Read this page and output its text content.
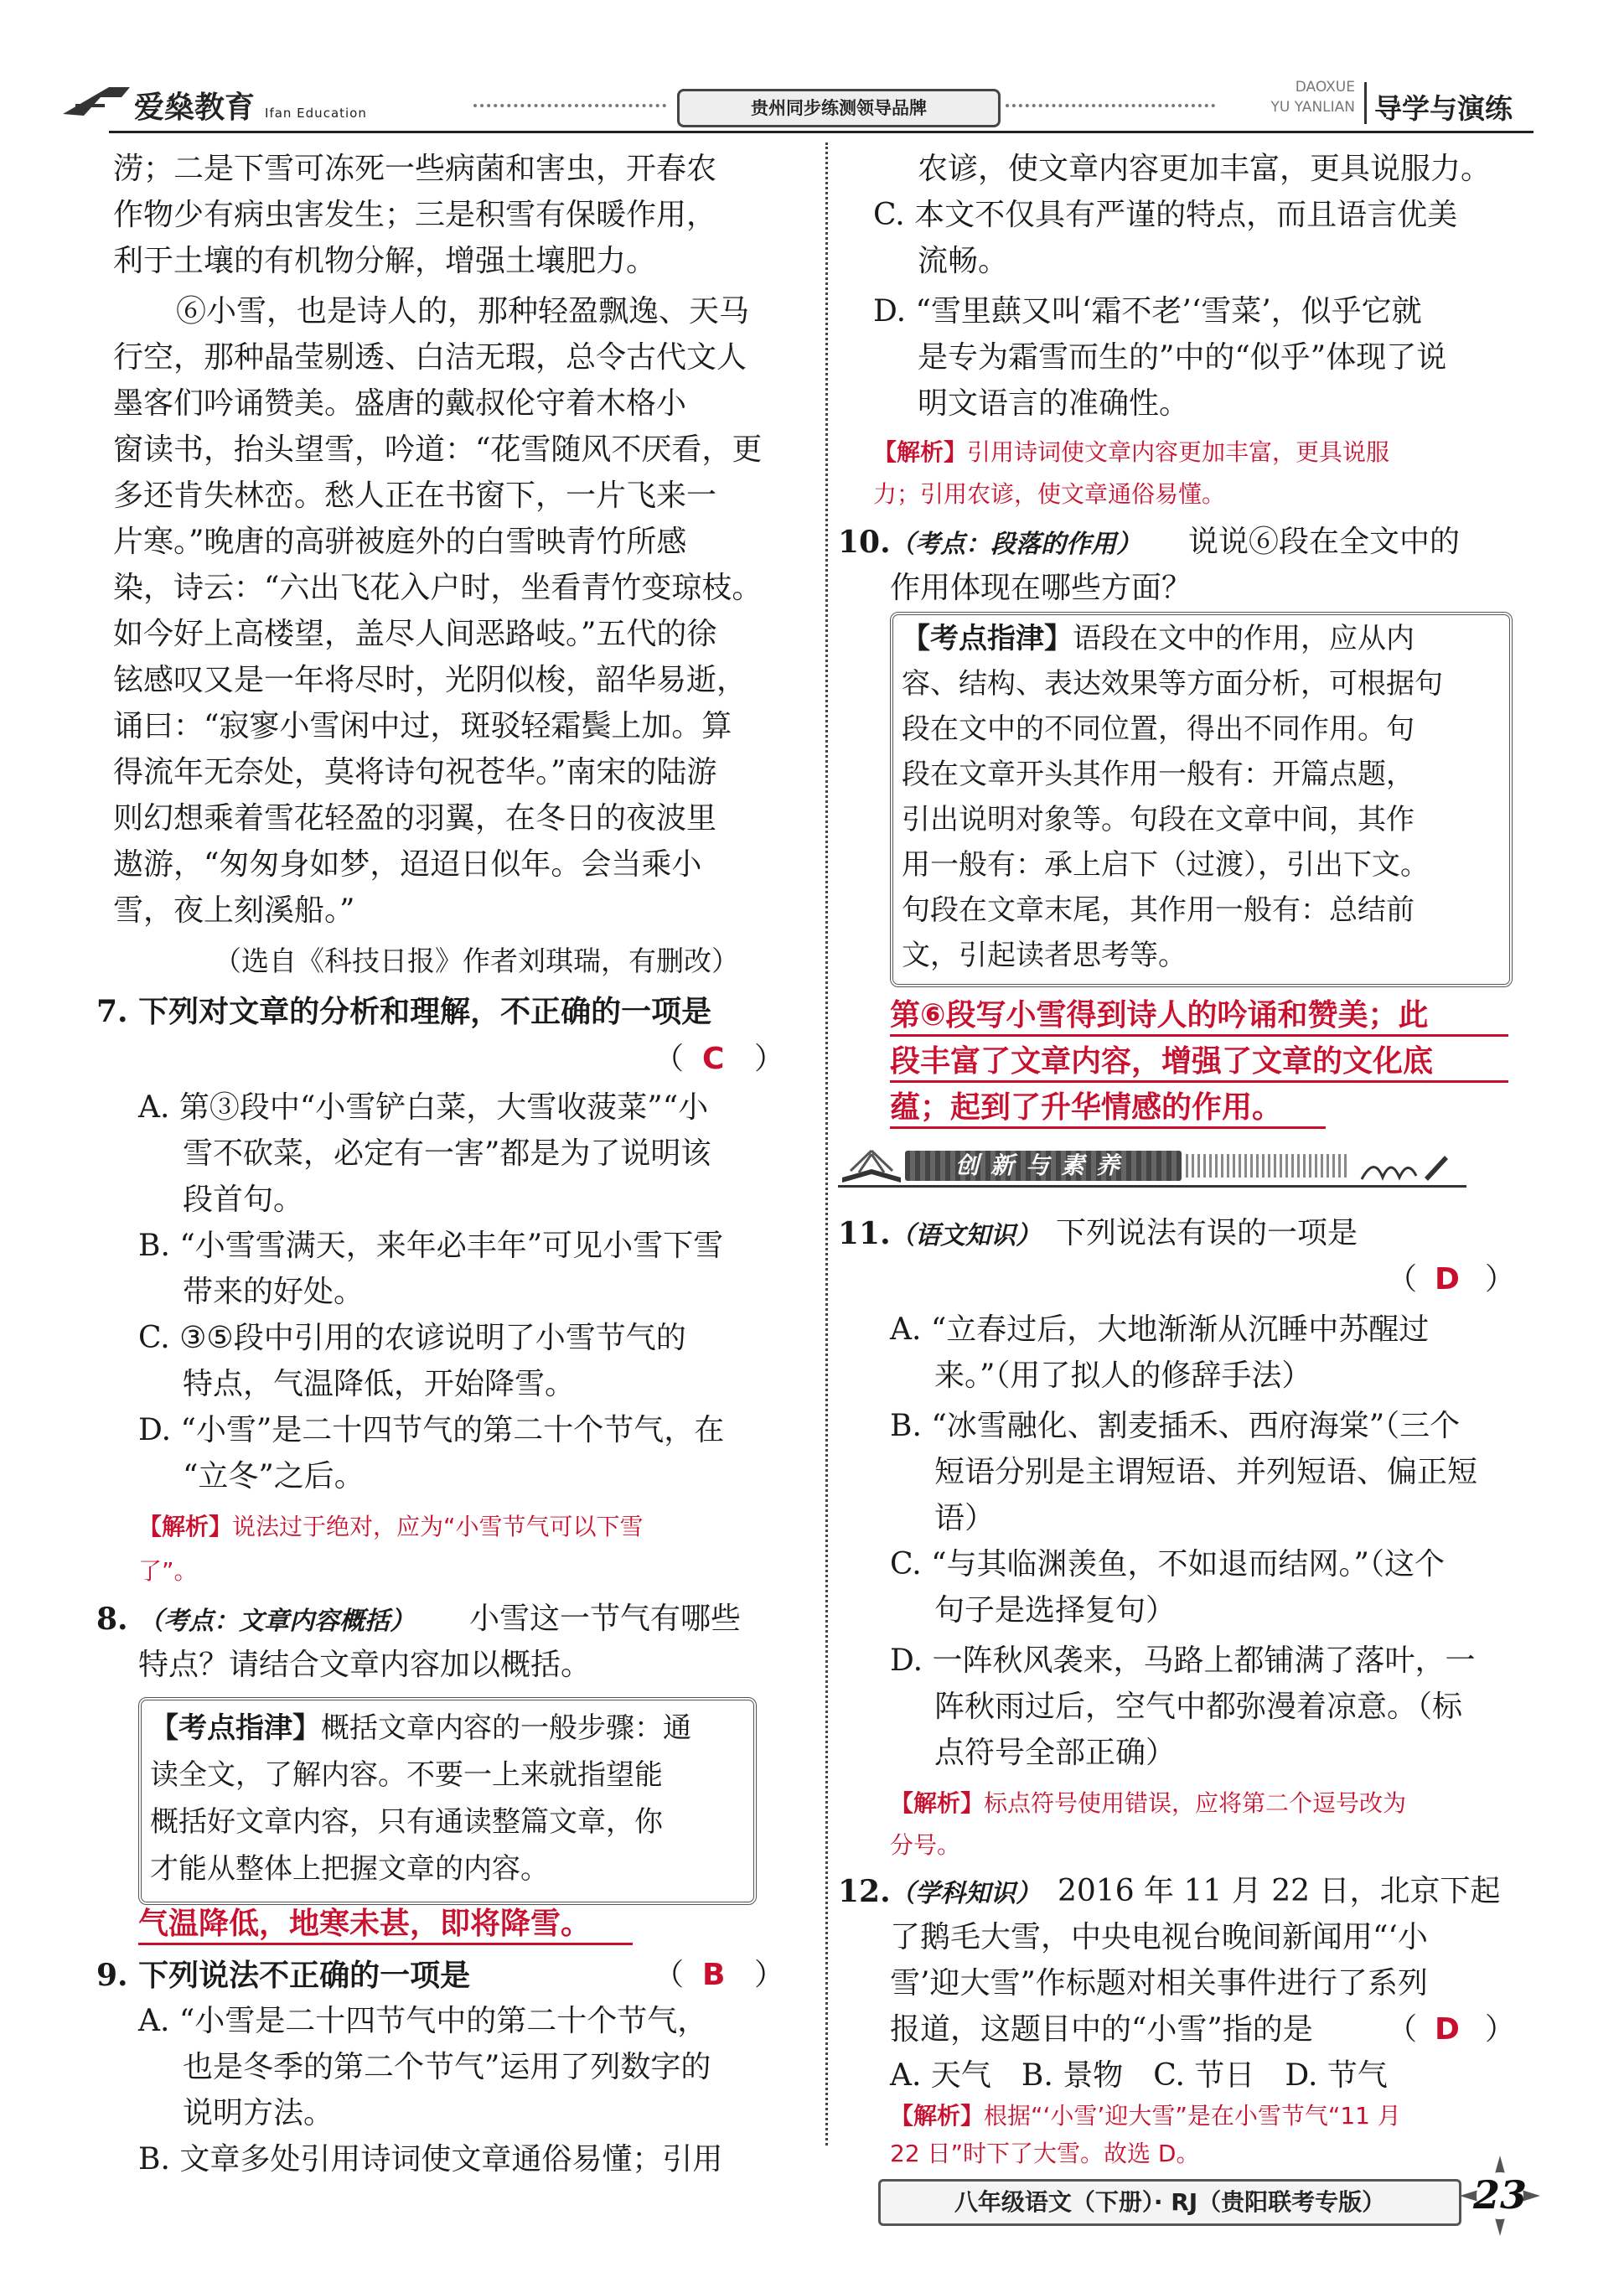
爱燊教育 Ifan Education	贵州同步练测领导品牌
DAOXUE
YU YANLIAN 导学与演练
涝；二是下雪可冻死一些病菌和害虫，开春农
作物少有病虫害发生；三是积雪有保暖作用，
利于土壤的有机物分解，增强土壤肥力。
⑥小雪，也是诗人的，那种轻盈飘逸、天马
行空，那种晶莹剔透、白洁无瑕，总令古代文人
墨客们吟诵赞美。盛唐的戴叔伦守着木格小
窗读书，抬头望雪，吟道：“花雪随风不厌看，更
多还肯失林峦。愁人正在书窗下，一片飞来一
片寒。”晚唐的高骈被庭外的白雪映青竹所感
染，诗云：“六出飞花入户时，坐看青竹变琼枝。
如今好上高楼望，盖尽人间恶路岐。”五代的徐
铉感叹又是一年将尽时，光阴似梭，韶华易逝，
诵曰：“寂寥小雪闲中过，斑驳轻霜鬓上加。算
得流年无奈处，莫将诗句祝苍华。”南宋的陆游
则幻想乘着雪花轻盈的羽翼，在冬日的夜波里
遨游，“匆匆身如梦，迢迢日似年。会当乘小
雪，夜上刻溪船。”
（选自《科技日报》作者刘琪瑞，有删改）
7. 下列对文章的分析和理解，不正确的一项是
（ C ）
A. 第③段中“小雪铲白菜，大雪收菠菜”“小
雪不砍菜，必定有一害”都是为了说明该
段首句。
B. “小雪雪满天，来年必丰年”可见小雪下雪
带来的好处。
C. ③⑤段中引用的农谚说明了小雪节气的
特点，气温降低，开始降雪。
D. “小雪”是二十四节气的第二十个节气，在
“立冬”之后。
【解析】说法过于绝对，应为“小雪节气可以下雪
了”。
8. （考点：文章内容概括） 小雪这一节气有哪些
特点？请结合文章内容加以概括。
【考点指津】概括文章内容的一般步骤：通
读全文，了解内容。不要一上来就指望能
概括好文章内容，只有通读整篇文章，你
才能从整体上把握文章的内容。
气温降低，地寒未甚，即将降雪。
9. 下列说法不正确的一项是	（ B ）
A. “小雪是二十四节气中的第二十个节气，
也是冬季的第二个节气”运用了列数字的
说明方法。
B. 文章多处引用诗词使文章通俗易懂；引用
农谚，使文章内容更加丰富，更具说服力。
C. 本文不仅具有严谨的特点，而且语言优美
流畅。
D. “雪里蕻又叫‘霜不老’‘雪菜’，似乎它就
是专为霜雪而生的”中的“似乎”体现了说
明文语言的准确性。
【解析】引用诗词使文章内容更加丰富，更具说服
力；引用农谚，使文章通俗易懂。
10. （考点：段落的作用） 说说⑥段在全文中的
作用体现在哪些方面？
【考点指津】语段在文中的作用，应从内
容、结构、表达效果等方面分析，可根据句
段在文中的不同位置，得出不同作用。句
段在文章开头其作用一般有：开篇点题，
引出说明对象等。句段在文章中间，其作
用一般有：承上启下（过渡），引出下文。
句段在文章末尾，其作用一般有：总结前
文，引起读者思考等。
第⑥段写小雪得到诗人的吟诵和赞美；此
段丰富了文章内容，增强了文章的文化底
蕴；起到了升华情感的作用。
创新与素养
11. （语文知识） 下列说法有误的一项是
（ D ）
A. “立春过后，大地渐渐从沉睡中苏醒过
来。”（用了拟人的修辞手法）
B. “冰雪融化、割麦插禾、西府海棠”（三个
短语分别是主谓短语、并列短语、偏正短
语）
C. “与其临渊羡鱼，不如退而结网。”（这个
句子是选择复句）
D. 一阵秋风袭来，马路上都铺满了落叶，一
阵秋雨过后，空气中都弥漫着凉意。（标
点符号全部正确）
【解析】标点符号使用错误，应将第二个逗号改为
分号。
12. （学科知识） 2016 年 11 月 22 日，北京下起
了鹅毛大雪，中央电视台晚间新闻用“‘小
雪’迎大雪”作标题对相关事件进行了系列
报道，这题目中的“小雪”指的是 （ D ）
A. 天气　B. 景物　C. 节日　D. 节气
【解析】根据“‘小雪’迎大雪”是在小雪节气“11 月
22 日”时下了大雪。故选 D。
八年级语文（下册）· RJ（贵阳联考专版）	23
